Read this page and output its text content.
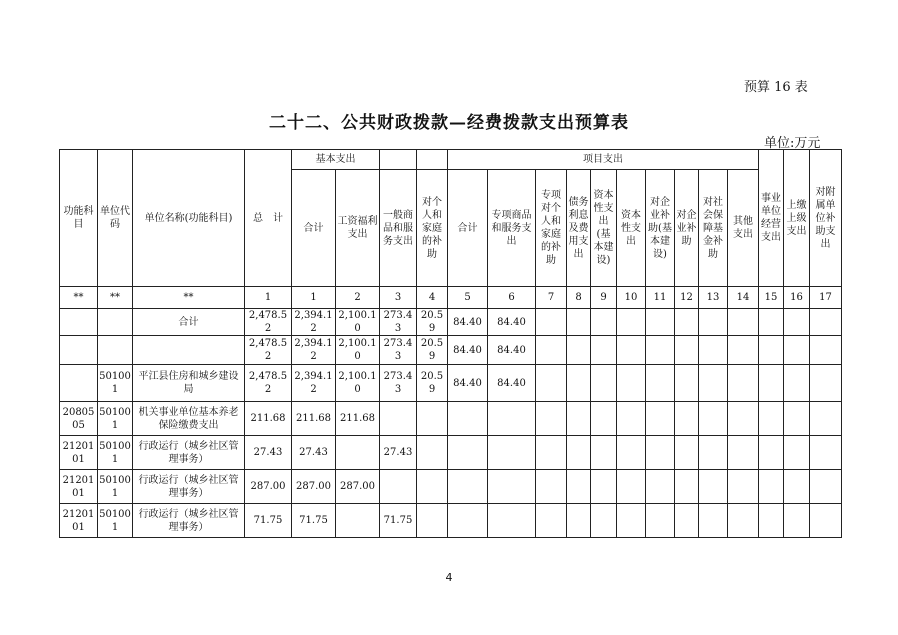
预算 16 表
二十二、公共财政拨款—经费拨款支出预算表
单位:万元
功能科目	单位代码	单位名称(功能科目)	总　计	基本支出				项目支出										事业单位经营支出	上缴上级支出	对附属单位补助支出
				合计	工资福利支出	一般商品和服务支出	对个人和家庭的补助	合计	专项商品和服务支出	专项对个人和家庭的补助	债务利息及费用支出	资本性支出(基本建设)	资本性支出	对企业补助(基本建设)	对企业补助	对社会保障基金补助	其他支出			
**	**	**	1	1	2	3	4	5	6	7	8	9	10	11	12	13	14	15	16	17
		合计	2,478.52	2,394.12	2,100.10	273.43	20.59	84.40	84.40											
			2,478.52	2,394.12	2,100.10	273.43	20.59	84.40	84.40											
	501001	平江县住房和城乡建设局	2,478.52	2,394.12	2,100.10	273.43	20.59	84.40	84.40											
2080505	501001	机关事业单位基本养老保险缴费支出	211.68	211.68	211.68															
2120101	501001	行政运行（城乡社区管理事务）	27.43	27.43		27.43														
2120101	501001	行政运行（城乡社区管理事务）	287.00	287.00	287.00															
2120101	501001	行政运行（城乡社区管理事务）	71.75	71.75		71.75														
4
